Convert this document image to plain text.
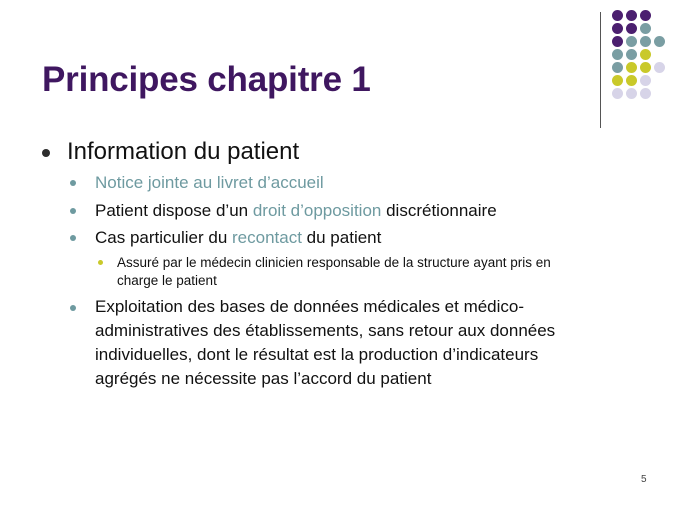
Principes chapitre 1
Information du patient
Notice jointe au livret d’accueil
Patient dispose d’un droit d’opposition discrétionnaire
Cas particulier du recontact du patient
Assuré par le médecin clinicien responsable de la structure ayant pris en
charge le patient
Exploitation des bases de données médicales et médico-
administratives des établissements, sans retour aux données
individuelles, dont le résultat est la production d’indicateurs
agrégés ne nécessite pas l’accord du patient
5
